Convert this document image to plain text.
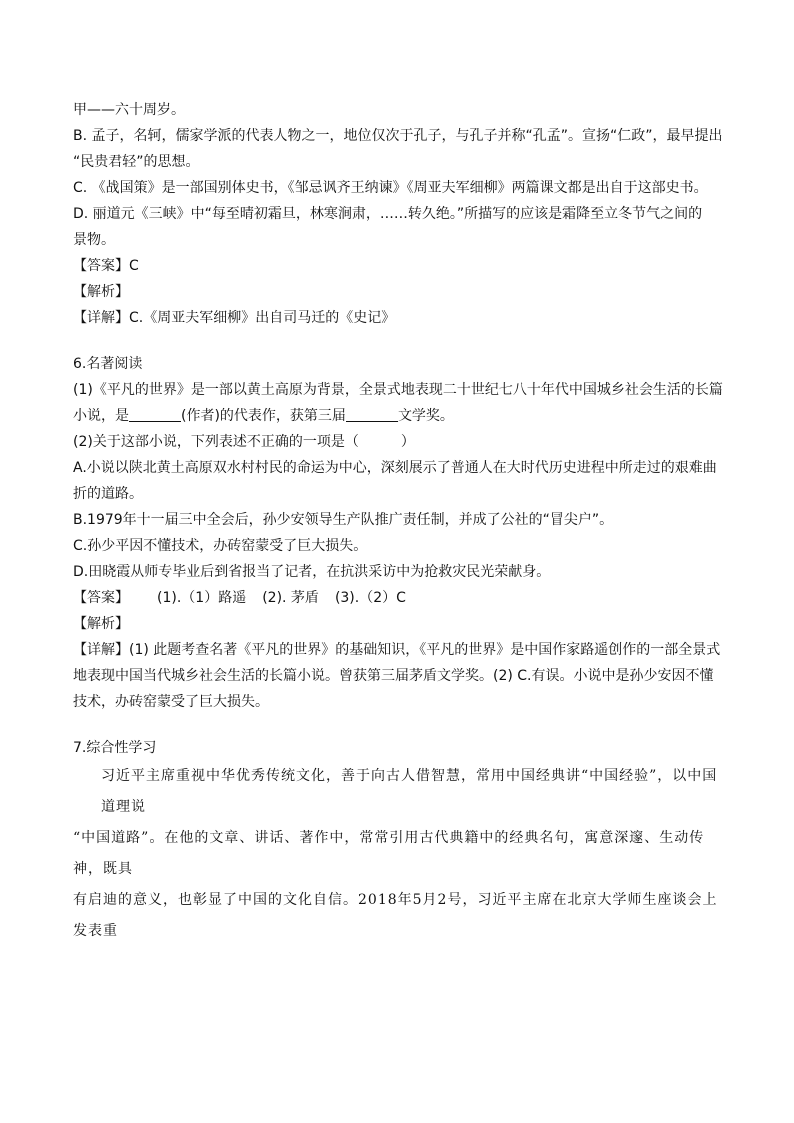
甲——六十周岁。
B. 孟子，名轲，儒家学派的代表人物之一，地位仅次于孔子，与孔子并称“孔孟”。宣扬“仁政”，最早提出
“民贵君轻”的思想。
C. 《战国策》是一部国别体史书，《邹忌讽齐王纳谏》《周亚夫军细柳》两篇课文都是出自于这部史书。
D. 丽道元《三峡》中“每至晴初霜旦，林寒涧肃，……转久绝。”所描写的应该是霜降至立冬节气之间的
景物。
【答案】C
【解析】
【详解】C.《周亚夫军细柳》出自司马迁的《史记》
6.名著阅读
(1)《平凡的世界》是一部以黄土高原为背景，全景式地表现二十世纪七八十年代中国城乡社会生活的长篇
小说，是	(作者)的代表作，获第三届	文学奖。
(2)关于这部小说，下列表述不正确的一项是（　　　）
A.小说以陕北黄土高原双水村村民的命运为中心，深刻展示了普通人在大时代历史进程中所走过的艰难曲
折的道路。
B.1979年十一届三中全会后，孙少安领导生产队推广责任制，并成了公社的“冒尖户”。
C.孙少平因不懂技术，办砖窑蒙受了巨大损失。
D.田晓霞从师专毕业后到省报当了记者，在抗洪采访中为抢救灾民光荣献身。
【答案】 (1).（1）路遥 (2). 茅盾 (3).（2）C
【解析】
【详解】(1) 此题考查名著《平凡的世界》的基础知识，《平凡的世界》是中国作家路遥创作的一部全景式
地表现中国当代城乡社会生活的长篇小说。曾获第三届茅盾文学奖。(2) C.有误。小说中是孙少安因不懂
技术，办砖窑蒙受了巨大损失。
7.综合性学习
习近平主席重视中华优秀传统文化，善于向古人借智慧，常用中国经典讲“中国经验”，以中国道理说
“中国道路”。在他的文章、讲话、著作中，常常引用古代典籍中的经典名句，寓意深邃、生动传神，既具
有启迪的意义，也彰显了中国的文化自信。2018年5月2号，习近平主席在北京大学师生座谈会上发表重
